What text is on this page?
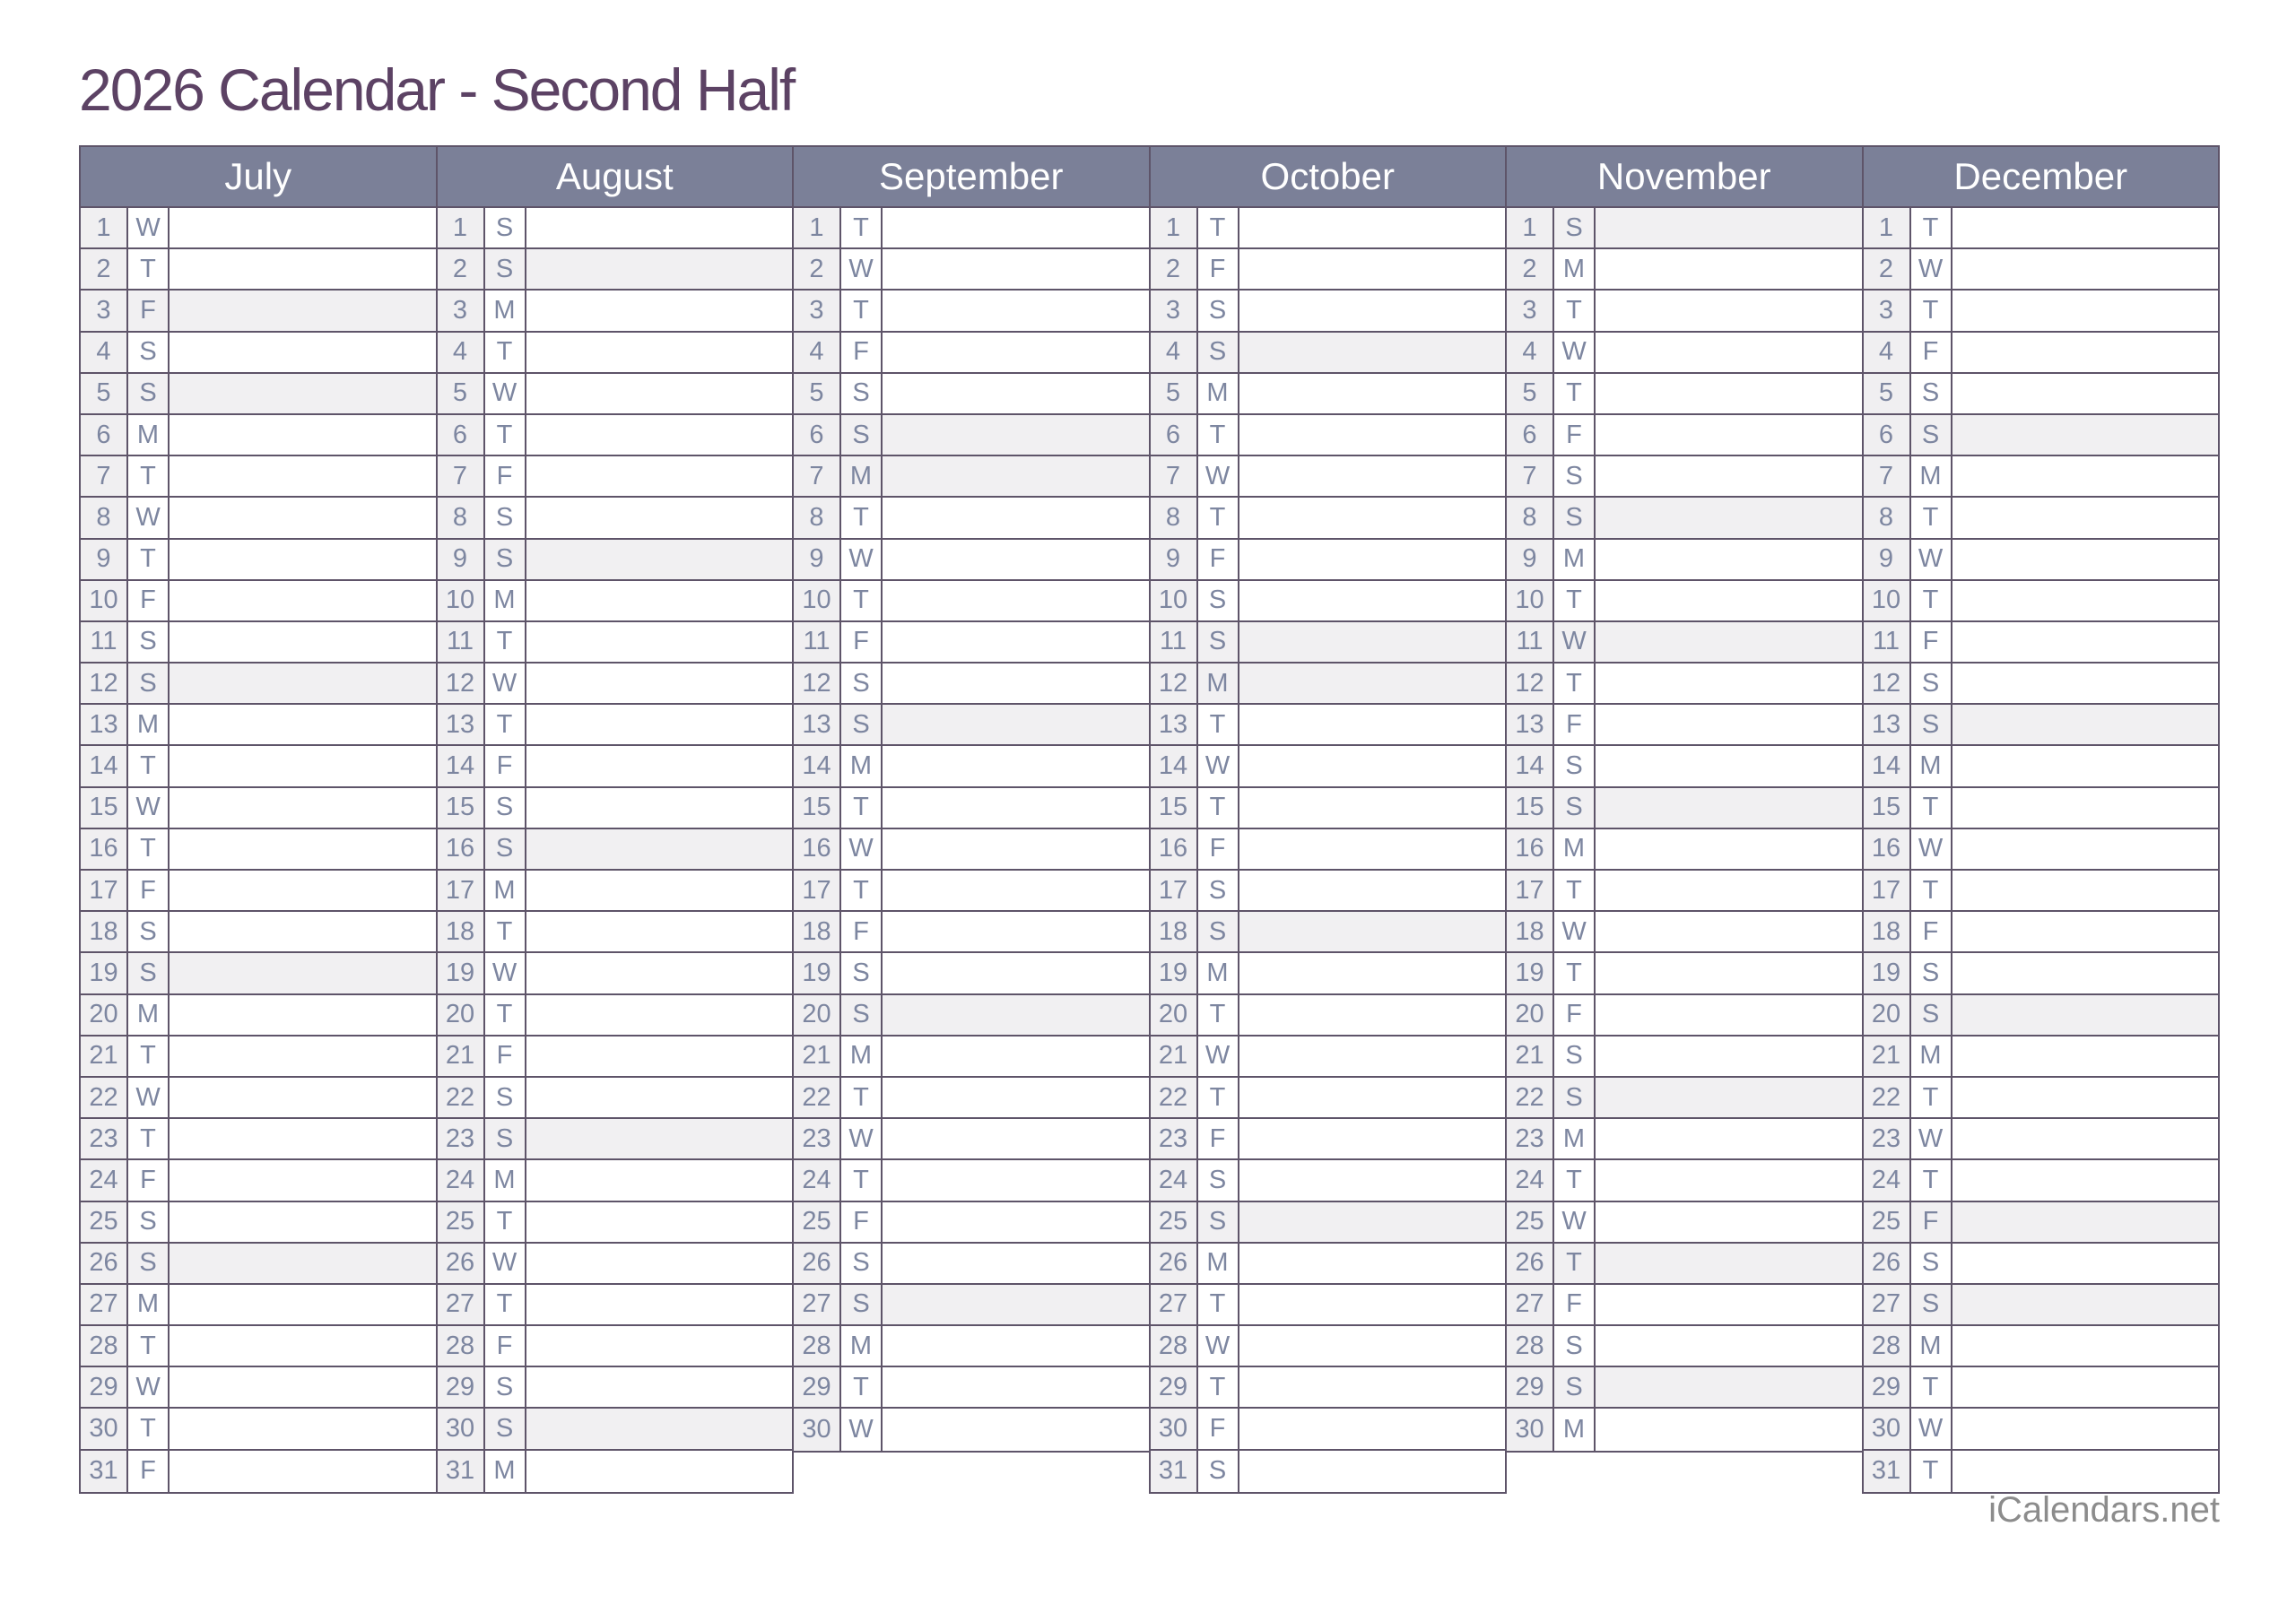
2026 Calendar - Second Half
July
1 W
2	T
3	F
4	S
5	S
6	M
7	T
8 W
9	T
10 F
11 S
12 S
13 M
14 T
15 W
16 T
17 F
18 S
19 S
20 M
21 T
22 W
23 T
24 F
25 S
26 S
27 M
28 T
29 W
30 T
31 F
August
1	S
2	S
3	M
4	T
5 W
6	T
7	F
8	S
9	S
10 M
11 T
12 W
13 T
14 F
15 S
16 S
17 M
18 T
19 W
20 T
21 F
22 S
23 S
24 M
25 T
26 W
27 T
28 F
29 S
30 S
31 M
September
1	T
2 W
3	T
4	F
5	S
6	S
7	M
8	T
9 W
10 T
11 F
12 S
13 S
14 M
15 T
16 W
17 T
18 F
19 S
20 S
21 M
22 T
23 W
24 T
25 F
26 S
27 S
28 M
29 T
30 W
October
1	T
2	F
3	S
4	S
5	M
6	T
7 W
8	T
9	F
10 S
11 S
12 M
13 T
14 W
15 T
16 F
17 S
18 S
19 M
20 T
21 W
22 T
23 F
24 S
25 S
26 M
27 T
28 W
29 T
30 F
31 S
November
1	S
2	M
3	T
4 W
5	T
6	F
7	S
8	S
9	M
10 T
11 W
12 T
13 F
14 S
15 S
16 M
17 T
18 W
19 T
20 F
21 S
22 S
23 M
24 T
25 W
26 T
27 F
28 S
29 S
30 M
December
1	T
2 W
3	T
4	F
5	S
6	S
7	M
8	T
9 W
10 T
11 F
12 S
13 S
14 M
15 T
16 W
17 T
18 F
19 S
20 S
21 M
22 T
23 W
24 T
25 F
26 S
27 S
28 M
29 T
30 W
31 T
iCalendars.net
